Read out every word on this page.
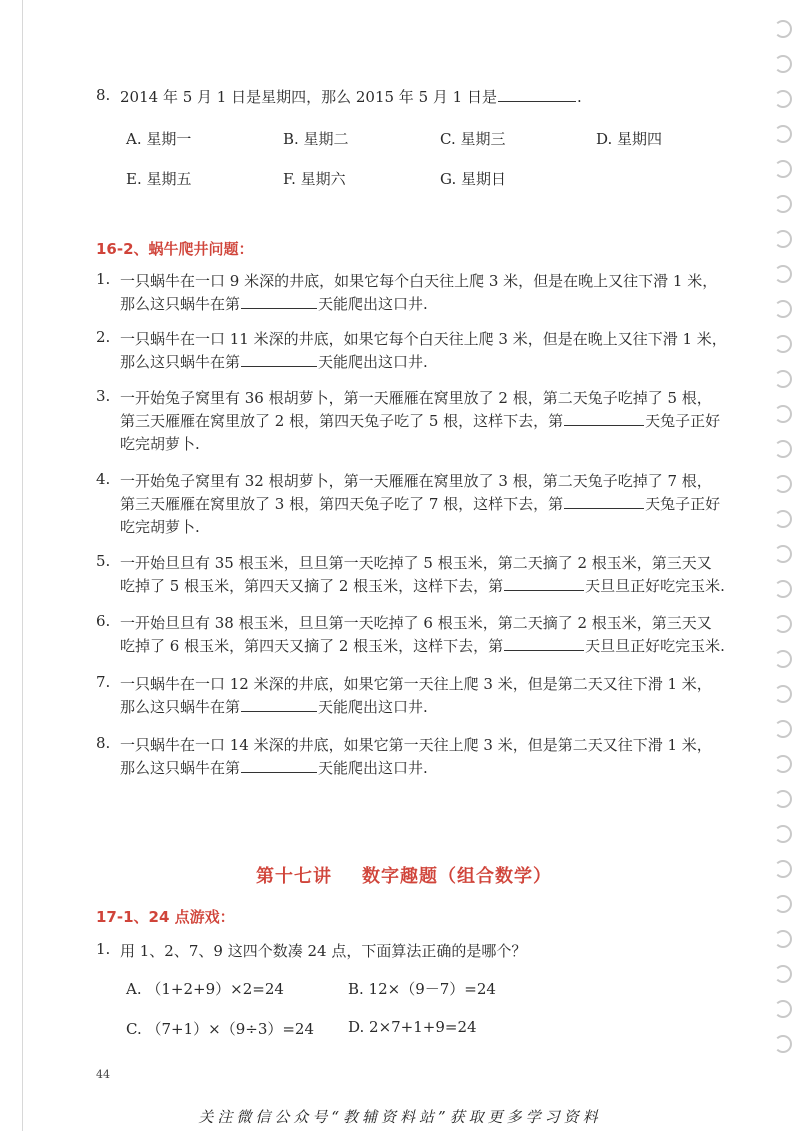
8. 2014 年 5 月 1 日是星期四，那么 2015 年 5 月 1 日是	.
A. 星期一	B. 星期二	C. 星期三	D. 星期四
E. 星期五	F. 星期六	G. 星期日
16-2、蜗牛爬井问题：
1. 一只蜗牛在一口 9 米深的井底，如果它每个白天往上爬 3 米，但是在晚上又往下滑 1 米，
那么这只蜗牛在第	天能爬出这口井.
2. 一只蜗牛在一口 11 米深的井底，如果它每个白天往上爬 3 米，但是在晚上又往下滑 1 米，
那么这只蜗牛在第	天能爬出这口井.
3. 一开始兔子窝里有 36 根胡萝卜，第一天雁雁在窝里放了 2 根，第二天兔子吃掉了 5 根，
第三天雁雁在窝里放了 2 根，第四天兔子吃了 5 根，这样下去，第	天兔子正好
吃完胡萝卜.
4. 一开始兔子窝里有 32 根胡萝卜，第一天雁雁在窝里放了 3 根，第二天兔子吃掉了 7 根，
第三天雁雁在窝里放了 3 根，第四天兔子吃了 7 根，这样下去，第	天兔子正好
吃完胡萝卜.
5. 一开始旦旦有 35 根玉米，旦旦第一天吃掉了 5 根玉米，第二天摘了 2 根玉米，第三天又
吃掉了 5 根玉米，第四天又摘了 2 根玉米，这样下去，第	天旦旦正好吃完玉米.
6. 一开始旦旦有 38 根玉米，旦旦第一天吃掉了 6 根玉米，第二天摘了 2 根玉米，第三天又
吃掉了 6 根玉米，第四天又摘了 2 根玉米，这样下去，第	天旦旦正好吃完玉米.
7. 一只蜗牛在一口 12 米深的井底，如果它第一天往上爬 3 米，但是第二天又往下滑 1 米，
那么这只蜗牛在第	天能爬出这口井.
8. 一只蜗牛在一口 14 米深的井底，如果它第一天往上爬 3 米，但是第二天又往下滑 1 米，
那么这只蜗牛在第	天能爬出这口井.
第十七讲 数字趣题（组合数学）
17-1、24 点游戏：
1. 用 1、2、7、9 这四个数凑 24 点，下面算法正确的是哪个？
A. （1+2+9）×2=24	B. 12×（9－7）=24
C. （7+1）×（9÷3）=24 D. 2×7+1+9=24
44
关注微信公众号“教辅资料站”获取更多学习资料
